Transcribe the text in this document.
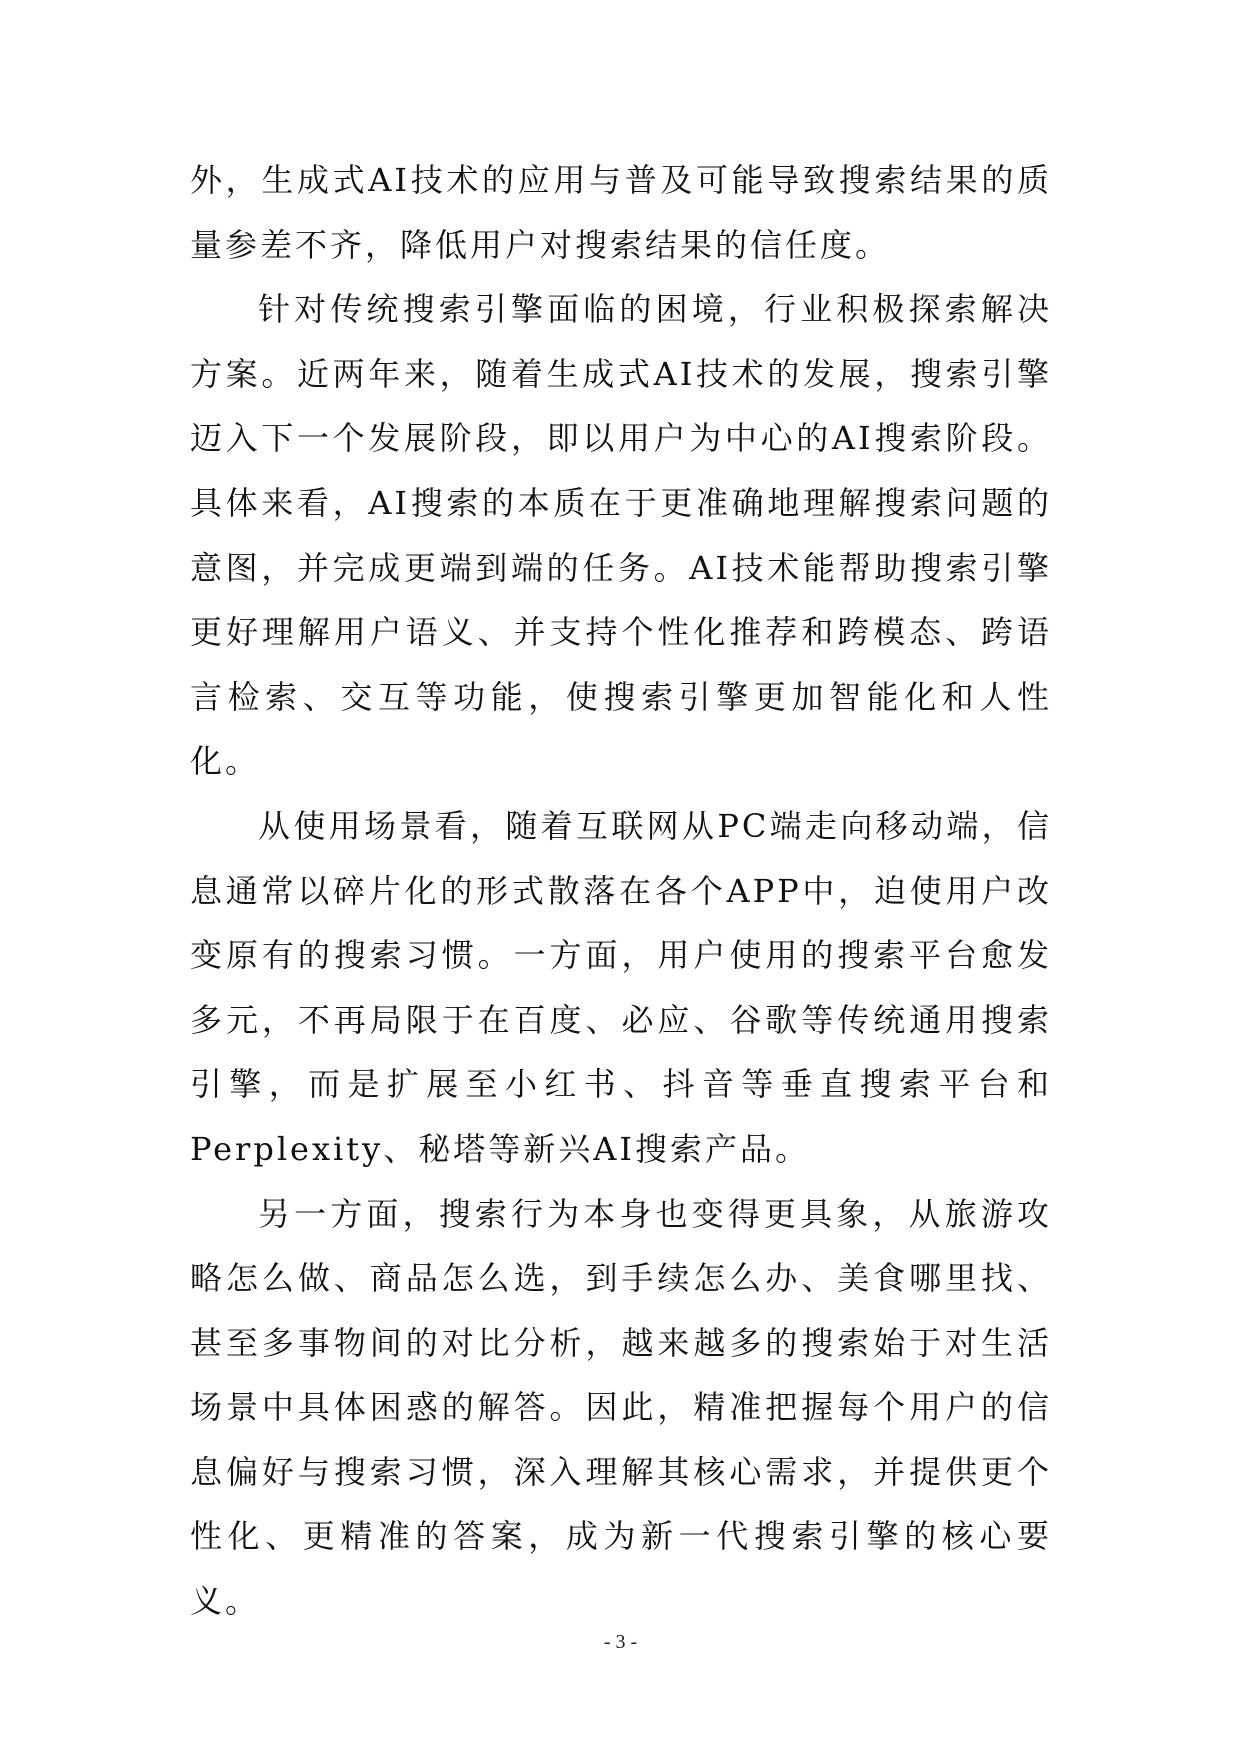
外，生成式AI技术的应用与普及可能导致搜索结果的质量参差不齐，降低用户对搜索结果的信任度。

针对传统搜索引擎面临的困境，行业积极探索解决方案。近两年来，随着生成式AI技术的发展，搜索引擎迈入下一个发展阶段，即以用户为中心的AI搜索阶段。具体来看，AI搜索的本质在于更准确地理解搜索问题的意图，并完成更端到端的任务。AI技术能帮助搜索引擎更好理解用户语义、并支持个性化推荐和跨模态、跨语言检索、交互等功能，使搜索引擎更加智能化和人性化。

从使用场景看，随着互联网从PC端走向移动端，信息通常以碎片化的形式散落在各个APP中，迫使用户改变原有的搜索习惯。一方面，用户使用的搜索平台愈发多元，不再局限于在百度、必应、谷歌等传统通用搜索引擎，而是扩展至小红书、抖音等垂直搜索平台和Perplexity、秘塔等新兴AI搜索产品。

另一方面，搜索行为本身也变得更具象，从旅游攻略怎么做、商品怎么选，到手续怎么办、美食哪里找、甚至多事物间的对比分析，越来越多的搜索始于对生活场景中具体困惑的解答。因此，精准把握每个用户的信息偏好与搜索习惯，深入理解其核心需求，并提供更个性化、更精准的答案，成为新一代搜索引擎的核心要义。

- 3 -
